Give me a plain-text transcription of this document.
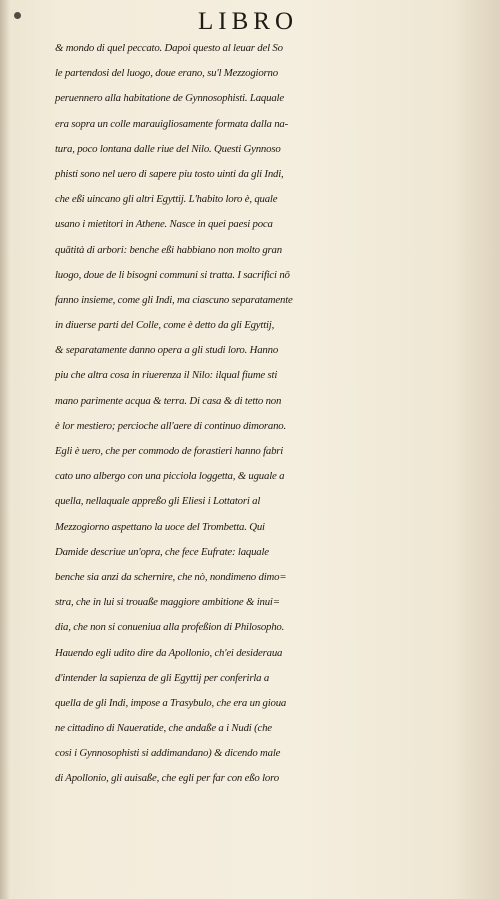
LIBRO
& mondo di quel peccato. Dapoi questo al leuar del So
le partendosi del luogo, doue erano, su'l Mezzogiorno
peruennero alla habitatione de Gynnosophisti. Laquale
era sopra un colle marauigliosamente formata dalla na-
tura, poco lontana dalle riue del Nilo. Questi Gynnoso
phisti sono nel uero di sapere piu tosto uinti da gli Indi,
che eßi uincano gli altri Egyttij. L'habito loro è, quale
usano i mietitori in Athene. Nasce in quei paesi poca
quātità di arbori: benche eßi habbiano non molto gran
luogo, doue de li bisogni communi si tratta. I sacrifici nō
fanno insieme, come gli Indi, ma ciascuno separatamente
in diuerse parti del Colle, come è detto da gli Egyttij,
& separatamente danno opera a gli studi loro. Hanno
piu che altra cosa in riuerenza il Nilo: ilqual fiume sti
mano parimente acqua & terra. Di casa & di tetto non
è lor mestiero; percioche all'aere di continuo dimorano.
Egli è uero, che per commodo de forastieri hanno fabri
cato uno albergo con una picciola loggetta, & uguale a
quella, nellaquale appreßo gli Eliesi i Lottatori al
Mezzogiorno aspettano la uoce del Trombetta. Qui
Damide descriue un'opra, che fece Eufrate: laquale
benche sia anzi da schernire, che nò, nondimeno dimo=
stra, che in lui si trouaße maggiore ambitione & inui=
dia, che non si conueniua alla profeßion di Philosopho.
Hauendo egli udito dire da Apollonio, ch'ei desideraua
d'intender la sapienza de gli Egyttij per conferirla a
quella de gli Indi, impose a Trasybulo, che era un gioua
ne cittadino di Naueratide, che andaße a i Nudi (che
cosi i Gynnosophisti si addimandano) & dicendo male
di Apollonio, gli auisaße, che egli per far con eßo loro
